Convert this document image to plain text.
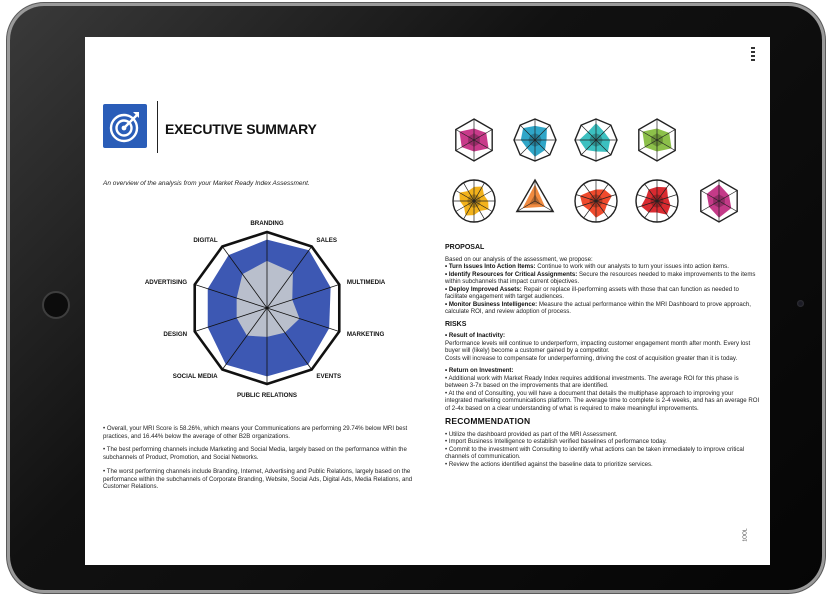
EXECUTIVE SUMMARY
An overview of the analysis from your Market Ready Index Assessment.
BRANDING
SALES
MULTIMEDIA
MARKETING
EVENTS
PUBLIC RELATIONS
SOCIAL MEDIA
DESIGN
ADVERTISING
DIGITAL

• Overall, your MRI Score is 58.26%, which means your Communications are performing 29.74% below MRI best practices, and 16.44% below the average of other B2B organizations.

• The best performing channels include Marketing and Social Media, largely based on the performance within the subchannels of Product, Promotion, and Social Networks.

• The worst performing channels include Branding, Internet, Advertising and Public Relations, largely based on the performance within the subchannels of Corporate Branding, Website, Social Ads, Digital Ads, Media Relations, and Customer Relations.

PROPOSAL

Based on our analysis of the assessment, we propose:

• Turn Issues Into Action Items: Continue to work with our analysts to turn your issues into action items.

• Identify Resources for Critical Assignments: Secure the resources needed to make improvements to the items within subchannels that impact current objectives.

• Deploy Improved Assets: Repair or replace ill-performing assets with those that can function as needed to facilitate engagement with target audiences.

• Monitor Business Intelligence: Measure the actual performance within the MRI Dashboard to prove approach, calculate ROI, and review adoption of process.

RISKS

• Result of Inactivity:

Performance levels will continue to underperform, impacting customer engagement month after month. Every lost buyer will (likely) become a customer gained by a competitor.

Costs will increase to compensate for underperforming, driving the cost of acquisition greater than it is today.

• Return on Investment:

• Additional work with Market Ready Index requires additional investments. The average ROI for this phase is between 3-7x based on the improvements that are identified.

• At the end of Consulting, you will have a document that details the multiphase approach to improving your integrated marketing communications platform. The average time to complete is 2-4 weeks, and has an average ROI of 2-4x based on a clear understanding of what is required to make meaningful improvements.

RECOMMENDATION

• Utilize the dashboard provided as part of the MRI Assessment.

• Import Business Intelligence to establish verified baselines of performance today.

• Commit to the investment with Consulting to identify what actions can be taken immediately to improve critical channels of communication.

• Review the actions identified against the baseline data to prioritize services.

1OOL
